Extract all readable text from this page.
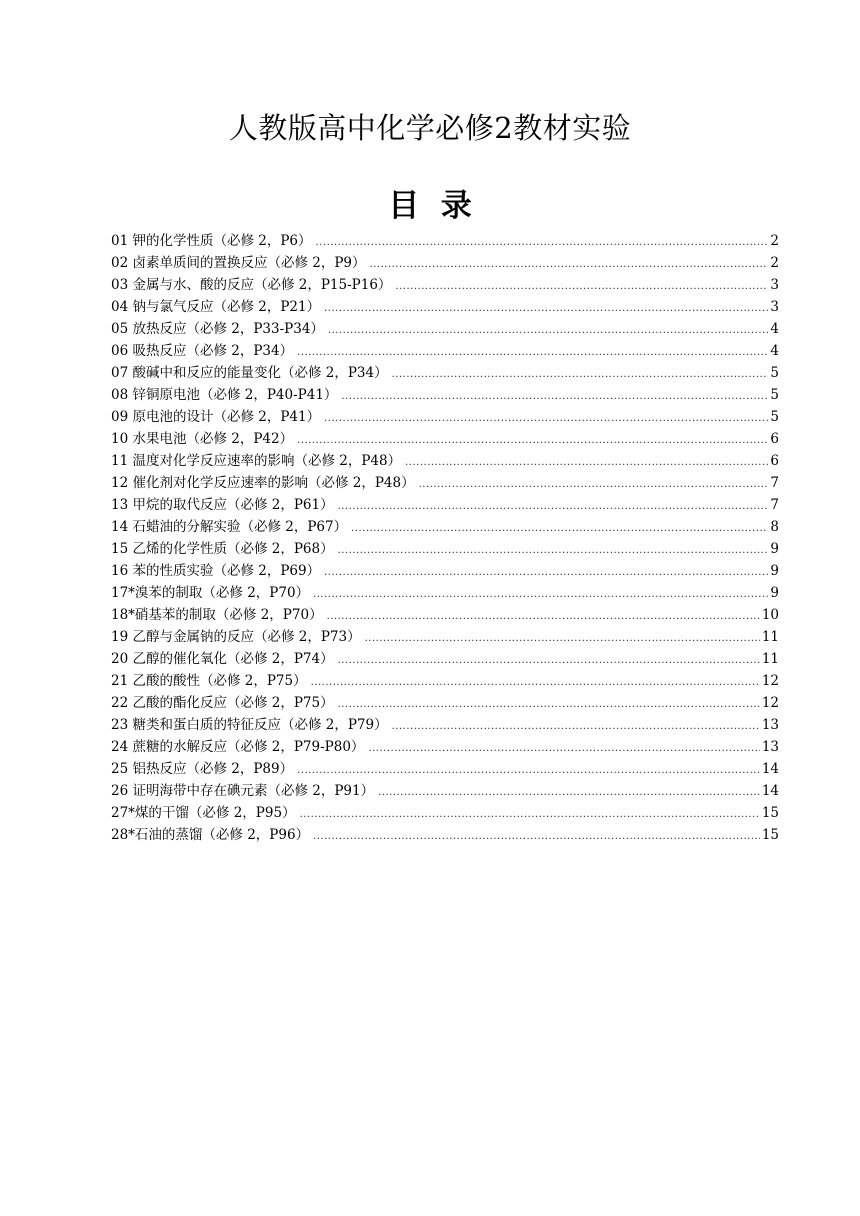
人教版高中化学必修2教材实验
目  录
01 钾的化学性质（必修 2，P6） .....	2
02 卤素单质间的置换反应（必修 2，P9） .....	2
03 金属与水、酸的反应（必修 2，P15-P16） .....	3
04 钠与氯气反应（必修 2，P21） .....	3
05 放热反应（必修 2，P33-P34） .....	4
06 吸热反应（必修 2，P34） .....	4
07 酸碱中和反应的能量变化（必修 2，P34） .....	5
08 锌铜原电池（必修 2，P40-P41） .....	5
09 原电池的设计（必修 2，P41） .....	5
10 水果电池（必修 2，P42） .....	6
11 温度对化学反应速率的影响（必修 2，P48） .....	6
12 催化剂对化学反应速率的影响（必修 2，P48） .....	7
13 甲烷的取代反应（必修 2，P61） .....	7
14 石蜡油的分解实验（必修 2，P67） .....	8
15 乙烯的化学性质（必修 2，P68） .....	9
16 苯的性质实验（必修 2，P69） .....	9
17*溴苯的制取（必修 2，P70） .....	9
18*硝基苯的制取（必修 2，P70） .....	10
19 乙醇与金属钠的反应（必修 2，P73） .....	11
20 乙醇的催化氧化（必修 2，P74） .....	11
21 乙酸的酸性（必修 2，P75） .....	12
22 乙酸的酯化反应（必修 2，P75） .....	12
23 糖类和蛋白质的特征反应（必修 2，P79） .....	13
24 蔗糖的水解反应（必修 2，P79-P80） .....	13
25 铝热反应（必修 2，P89） .....	14
26 证明海带中存在碘元素（必修 2，P91） .....	14
27*煤的干馏（必修 2，P95） .....	15
28*石油的蒸馏（必修 2，P96） .....	15
